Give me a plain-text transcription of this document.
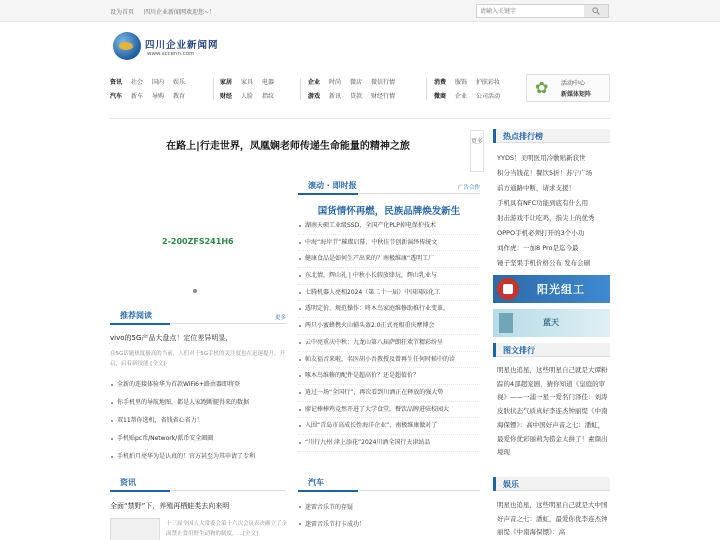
设为首页 四川企业新闻网欢迎您~！
请输入关键字
四川企业新闻网
www.sccenn.com
资讯 社会 国内 娱乐
汽车 新车 导购 教育
家居 家具 电器
财经 人脸 指纹
企业 时尚 微店 微信行情
游戏 新讯 贷款 财经行情
消费 服饰 护肤彩妆
微商 企业 公司活动	✿ 活动中心
新媒体矩阵
在路上|行走世界，凤凰娴老师传递生命能量的精神之旅	更多
2-200ZFS241H6
推荐阅读	更多
vivo的5G产品大盘点！定位差异明显，
在5G话题热度极高的当前，人们对于5G手机的关注度也在迅速提升。开启，启着新技能 [全文]
全新的连接体验华为首款WiFi6+路由器即将登
你手机里的导航地图，都是人家跑断腿得来的数据
双11帮你选机，省钱省心省力！
手机贴pc币/Network/派币安全圈圈
手机拍月亮华为是认真的！官方甚至为其申请了专利
滚动 · 即时报	广告合作
国货情怀再燃，民族品牌焕发新生
湖南天硕工业级SSD，全国产化PLP掉电保护技术
中海“海岸节”璀璨启幕，中秋佳节创新演绎传统文
健康食品是如何生产出来的？南极维康“透明工厂
东北情，辉山礼 | 中秋小长假放肆玩，辉山乳业与
七腾机器人亮相2024（第二十一届）中国国际化工
透明定价、规范操作：咚木鸟家庭维修助推行业变革，
两只小蜜蜂携火山辅头盔2.0正式亮相重庆摩博会
云中亮重庆中秋：九龙山第八届萨朗狂欢节精彩纷呈
帕友福音来啦，名医胡小吾教授及曾再生任何时候中的诊
啄木鸟维修的配件是超高价？还是超值价？
逍过一场“全国行”，再次看到川酒正在释放的强大势
廖记棒棒鸡竞然开进了大学食堂，餐饮品牌进驻校园大
入围“青岛市高成长性海洋企业”，南极维康做对了
“川行九州 津上添花”2024川酒全国行天津站品
资讯
全面“禁野”下，养殖再栖蛙类去向来明
十三届全国人大常委会第十六次会议表决确立了全面禁止食用野生动物的制度，…[全文]
汽车
迷雷音乐节的存疑
迷雷音乐节打卡成功！
热点排行榜
YYDS！美明医用冷敷贴新获世
积分当钱花！餐饮5折！苏宁广场
前方通路中断，请求支援！
手机具有NFC功能到底有什么用
射击游戏不让吃鸡，指尖上的优秀
OPPO手机必须打开的3个小功
刘作虎：一加8 Pro是迄今最
锤子坚果手机价格公布 发布会刷
阳光组工
蓝天
图文排行
明星也追星，这些明星自己就是大谭粉踪的4部超宠剧，猜你知道《皇庭的审视》——一浦一星一爱名门泽佳：刘涛皮肤状态气质真好李连杰钟丽缇《中南海保镖》：高中国好声音之七：潘虹，最爱你优彩丽莉为捞金太拼了！素颜出境现
娱乐
明星也追星，这些明星自己就是大中国好声音之七：潘虹，最爱你优李连杰钟丽缇《中南海保镖》：高
